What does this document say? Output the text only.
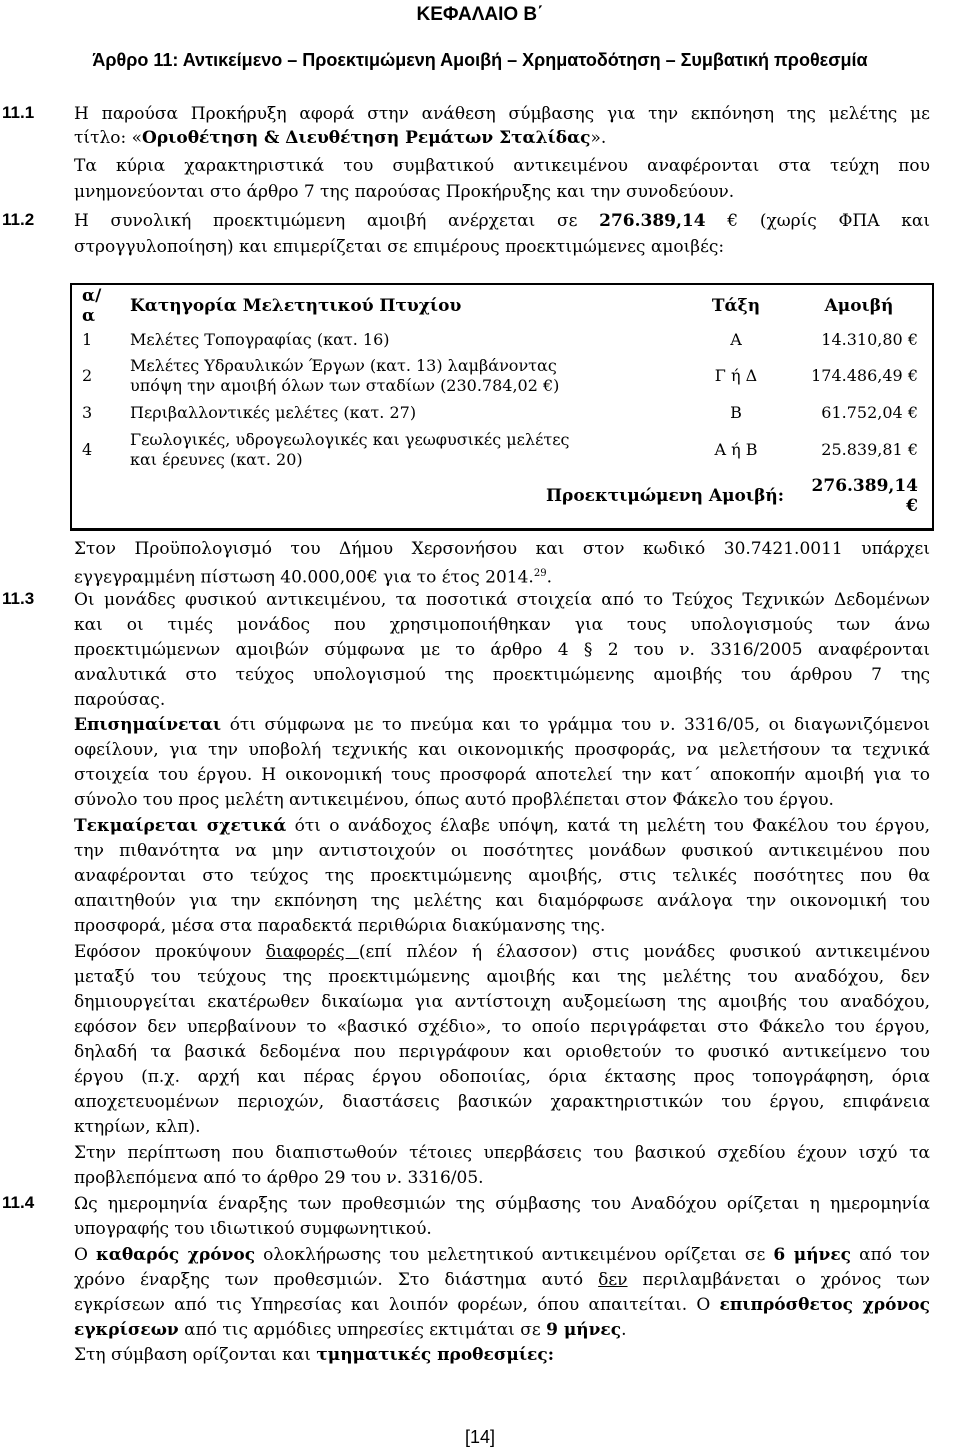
ΚΕΦΑΛΑΙΟ Β΄
Άρθρο 11: Αντικείμενο – Προεκτιμώμενη Αμοιβή – Χρηματοδότηση – Συμβατική προθεσμία
11.1 Η παρούσα Προκήρυξη αφορά στην ανάθεση σύμβασης για την εκπόνηση της μελέτης με
τίτλο: «Οριοθέτηση & Διευθέτηση Ρεμάτων Σταλίδας».
Τα κύρια χαρακτηριστικά του συμβατικού αντικειμένου αναφέρονται στα τεύχη που
μνημονεύονται στο άρθρο 7 της παρούσας Προκήρυξης και την συνοδεύουν.
11.2 Η συνολική προεκτιμώμενη αμοιβή ανέρχεται σε 276.389,14 € (χωρίς ΦΠΑ και
στρογγυλοποίηση) και επιμερίζεται σε επιμέρους προεκτιμώμενες αμοιβές:
α/α	Κατηγορία Μελετητικού Πτυχίου	Τάξη	Αμοιβή
1	Μελέτες Τοπογραφίας (κατ. 16)	Α	14.310,80 €
2	Μελέτες Υδραυλικών Έργων (κατ. 13) λαμβάνοντας
υπόψη την αμοιβή όλων των σταδίων (230.784,02 €)	Γ ή Δ	174.486,49 €
3	Περιβαλλοντικές μελέτες (κατ. 27)	Β	61.752,04 €
4	Γεωλογικές, υδρογεωλογικές και γεωφυσικές μελέτες
και έρευνες (κατ. 20)	Α ή Β	25.839,81 €
Προεκτιμώμενη Αμοιβή:			276.389,14 €
Στον Προϋπολογισμό του Δήμου Χερσονήσου και στον κωδικό 30.7421.0011 υπάρχει
εγγεγραμμένη πίστωση 40.000,00€ για το έτος 2014.29.
11.3 Οι μονάδες φυσικού αντικειμένου, τα ποσοτικά στοιχεία από το Τεύχος Τεχνικών Δεδομένων
και οι τιμές μονάδος που χρησιμοποιήθηκαν για τους υπολογισμούς των άνω
προεκτιμώμενων αμοιβών σύμφωνα με το άρθρο 4 § 2 του ν. 3316/2005 αναφέρονται
αναλυτικά στο τεύχος υπολογισμού της προεκτιμώμενης αμοιβής του άρθρου 7 της
παρούσας.
Επισημαίνεται ότι σύμφωνα με το πνεύμα και το γράμμα του ν. 3316/05, οι διαγωνιζόμενοι
οφείλουν, για την υποβολή τεχνικής και οικονομικής προσφοράς, να μελετήσουν τα τεχνικά
στοιχεία του έργου. Η οικονομική τους προσφορά αποτελεί την κατ΄ αποκοπήν αμοιβή για το
σύνολο του προς μελέτη αντικειμένου, όπως αυτό προβλέπεται στον Φάκελο του έργου.
Τεκμαίρεται σχετικά ότι ο ανάδοχος έλαβε υπόψη, κατά τη μελέτη του Φακέλου του έργου,
την πιθανότητα να μην αντιστοιχούν οι ποσότητες μονάδων φυσικού αντικειμένου που
αναφέρονται στο τεύχος της προεκτιμώμενης αμοιβής, στις τελικές ποσότητες που θα
απαιτηθούν για την εκπόνηση της μελέτης και διαμόρφωσε ανάλογα την οικονομική του
προσφορά, μέσα στα παραδεκτά περιθώρια διακύμανσης της.
Εφόσον προκύψουν διαφορές (επί πλέον ή έλασσον) στις μονάδες φυσικού αντικειμένου
μεταξύ του τεύχους της προεκτιμώμενης αμοιβής και της μελέτης του αναδόχου, δεν
δημιουργείται εκατέρωθεν δικαίωμα για αντίστοιχη αυξομείωση της αμοιβής του αναδόχου,
εφόσον δεν υπερβαίνουν το «βασικό σχέδιο», το οποίο περιγράφεται στο Φάκελο του έργου,
δηλαδή τα βασικά δεδομένα που περιγράφουν και οριοθετούν το φυσικό αντικείμενο του
έργου (π.χ. αρχή και πέρας έργου οδοποιίας, όρια έκτασης προς τοπογράφηση, όρια
αποχετευομένων περιοχών, διαστάσεις βασικών χαρακτηριστικών του έργου, επιφάνεια
κτηρίων, κλπ).
Στην περίπτωση που διαπιστωθούν τέτοιες υπερβάσεις του βασικού σχεδίου έχουν ισχύ τα
προβλεπόμενα από το άρθρο 29 του ν. 3316/05.
11.4 Ως ημερομηνία έναρξης των προθεσμιών της σύμβασης του Αναδόχου ορίζεται η ημερομηνία
υπογραφής του ιδιωτικού συμφωνητικού.
Ο καθαρός χρόνος ολοκλήρωσης του μελετητικού αντικειμένου ορίζεται σε 6 μήνες από τον
χρόνο έναρξης των προθεσμιών. Στο διάστημα αυτό δεν περιλαμβάνεται ο χρόνος των
εγκρίσεων από τις Υπηρεσίας και λοιπόν φορέων, όπου απαιτείται. Ο επιπρόσθετος χρόνος
εγκρίσεων από τις αρμόδιες υπηρεσίες εκτιμάται σε 9 μήνες.
Στη σύμβαση ορίζονται και τμηματικές προθεσμίες:
[14]
